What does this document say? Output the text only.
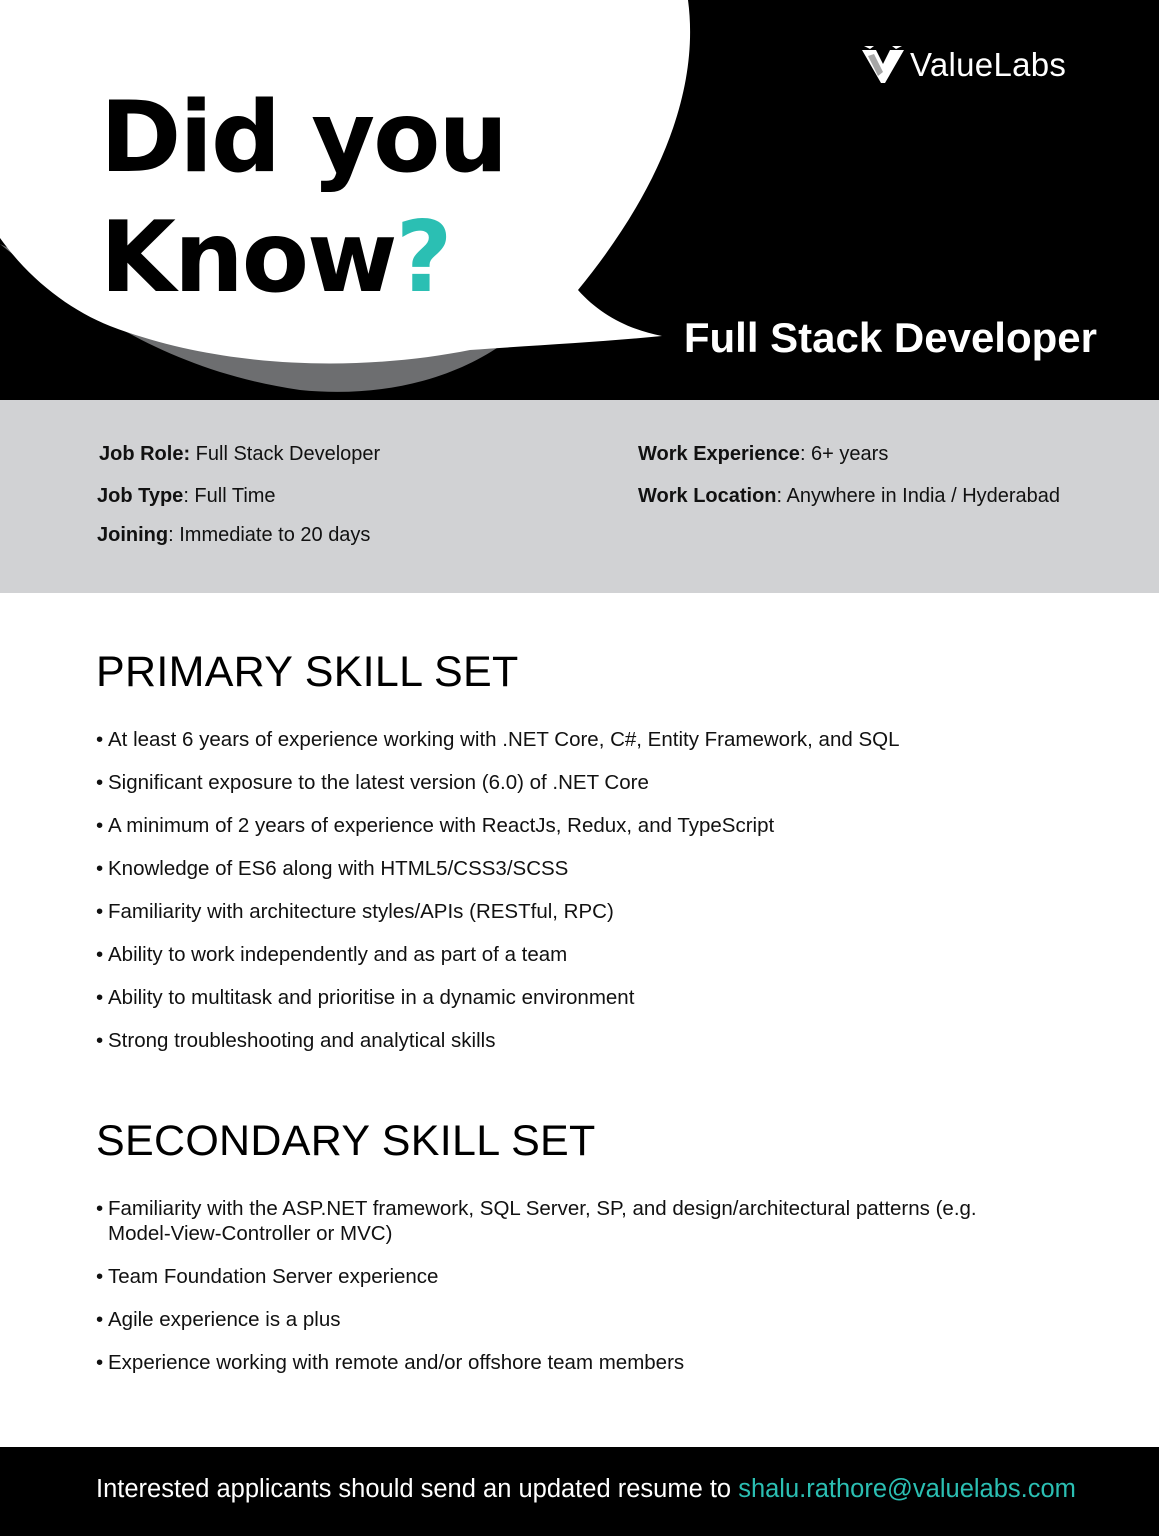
Did you
Know?
ValueLabs
Full Stack Developer
Job Role: Full Stack Developer
Job Type: Full Time
Joining: Immediate to 20 days
Work Experience: 6+ years
Work Location: Anywhere in India / Hyderabad
PRIMARY SKILL SET
• At least 6 years of experience working with .NET Core, C#, Entity Framework, and SQL
• Significant exposure to the latest version (6.0) of .NET Core
• A minimum of 2 years of experience with ReactJs, Redux, and TypeScript
• Knowledge of ES6 along with HTML5/CSS3/SCSS
• Familiarity with architecture styles/APIs (RESTful, RPC)
• Ability to work independently and as part of a team
• Ability to multitask and prioritise in a dynamic environment
• Strong troubleshooting and analytical skills
SECONDARY SKILL SET
• Familiarity with the ASP.NET framework, SQL Server, SP, and design/architectural patterns (e.g. Model-View-Controller or MVC)
• Team Foundation Server experience
• Agile experience is a plus
• Experience working with remote and/or offshore team members
Interested applicants should send an updated resume to shalu.rathore@valuelabs.com
